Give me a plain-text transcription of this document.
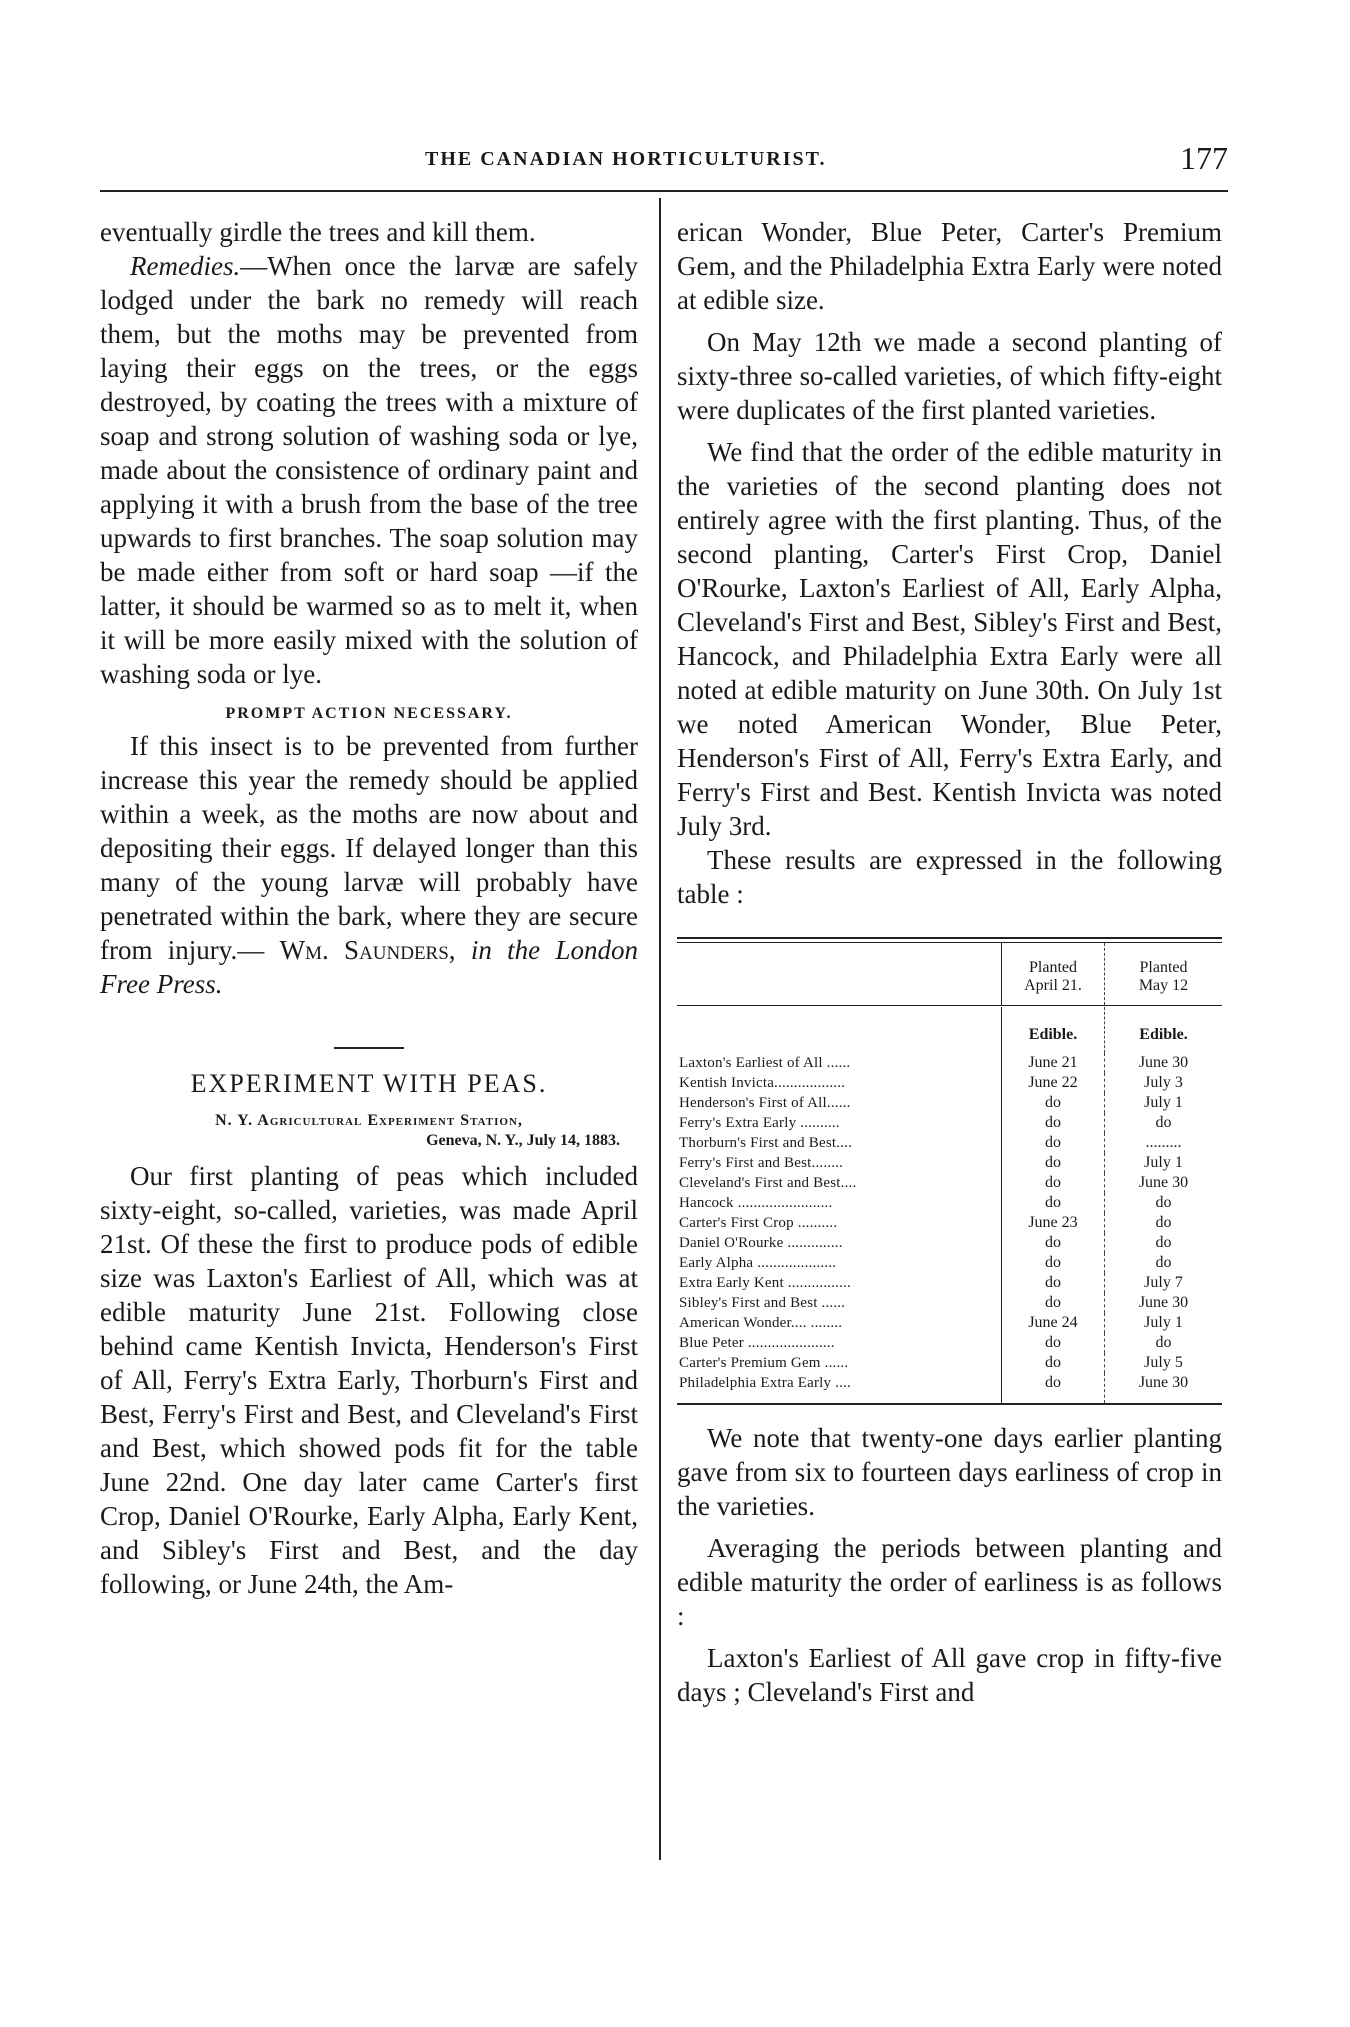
THE CANADIAN HORTICULTURIST.	177

eventually girdle the trees and kill them.

Remedies.—When once the larvæ are safely lodged under the bark no remedy will reach them, but the moths may be prevented from laying their eggs on the trees, or the eggs destroyed, by coating the trees with a mixture of soap and strong solution of washing soda or lye, made about the consistence of ordinary paint and applying it with a brush from the base of the tree upwards to first branches. The soap solution may be made either from soft or hard soap —if the latter, it should be warmed so as to melt it, when it will be more easily mixed with the solution of washing soda or lye.

PROMPT ACTION NECESSARY.

If this insect is to be prevented from further increase this year the remedy should be applied within a week, as the moths are now about and depositing their eggs. If delayed longer than this many of the young larvæ will probably have penetrated within the bark, where they are secure from injury.— Wm. Saunders, in the London Free Press.

EXPERIMENT WITH PEAS.
N. Y. Agricultural Experiment Station,
Geneva, N. Y., July 14, 1883.

Our first planting of peas which included sixty-eight, so-called, varieties, was made April 21st. Of these the first to produce pods of edible size was Laxton's Earliest of All, which was at edible maturity June 21st. Following close behind came Kentish Invicta, Henderson's First of All, Ferry's Extra Early, Thorburn's First and Best, Ferry's First and Best, and Cleveland's First and Best, which showed pods fit for the table June 22nd. One day later came Carter's first Crop, Daniel O'Rourke, Early Alpha, Early Kent, and Sibley's First and Best, and the day following, or June 24th, the Am-

erican Wonder, Blue Peter, Carter's Premium Gem, and the Philadelphia Extra Early were noted at edible size.

On May 12th we made a second planting of sixty-three so-called varieties, of which fifty-eight were duplicates of the first planted varieties.

We find that the order of the edible maturity in the varieties of the second planting does not entirely agree with the first planting. Thus, of the second planting, Carter's First Crop, Daniel O'Rourke, Laxton's Earliest of All, Early Alpha, Cleveland's First and Best, Sibley's First and Best, Hancock, and Philadelphia Extra Early were all noted at edible maturity on June 30th. On July 1st we noted American Wonder, Blue Peter, Henderson's First of All, Ferry's Extra Early, and Ferry's First and Best. Kentish Invicta was noted July 3rd.

These results are expressed in the following table :

	Planted
April 21.	Planted
May 12

	Edible.	Edible.
Laxton's Earliest of All ......	June 21	June 30
Kentish Invicta..................	June 22	July 3
Henderson's First of All......	do	July 1
Ferry's Extra Early ..........	do	do
Thorburn's First and Best....	do	.........
Ferry's First and Best........	do	July 1
Cleveland's First and Best....	do	June 30
Hancock ........................	do	do
Carter's First Crop ..........	June 23	do
Daniel O'Rourke ..............	do	do
Early Alpha ....................	do	do
Extra Early Kent ................	do	July 7
Sibley's First and Best ......	do	June 30
American Wonder.... ........	June 24	July 1
Blue Peter ......................	do	do
Carter's Premium Gem ......	do	July 5
Philadelphia Extra Early ....	do	June 30

We note that twenty-one days earlier planting gave from six to fourteen days earliness of crop in the varieties.

Averaging the periods between planting and edible maturity the order of earliness is as follows :

Laxton's Earliest of All gave crop in fifty-five days ; Cleveland's First and
